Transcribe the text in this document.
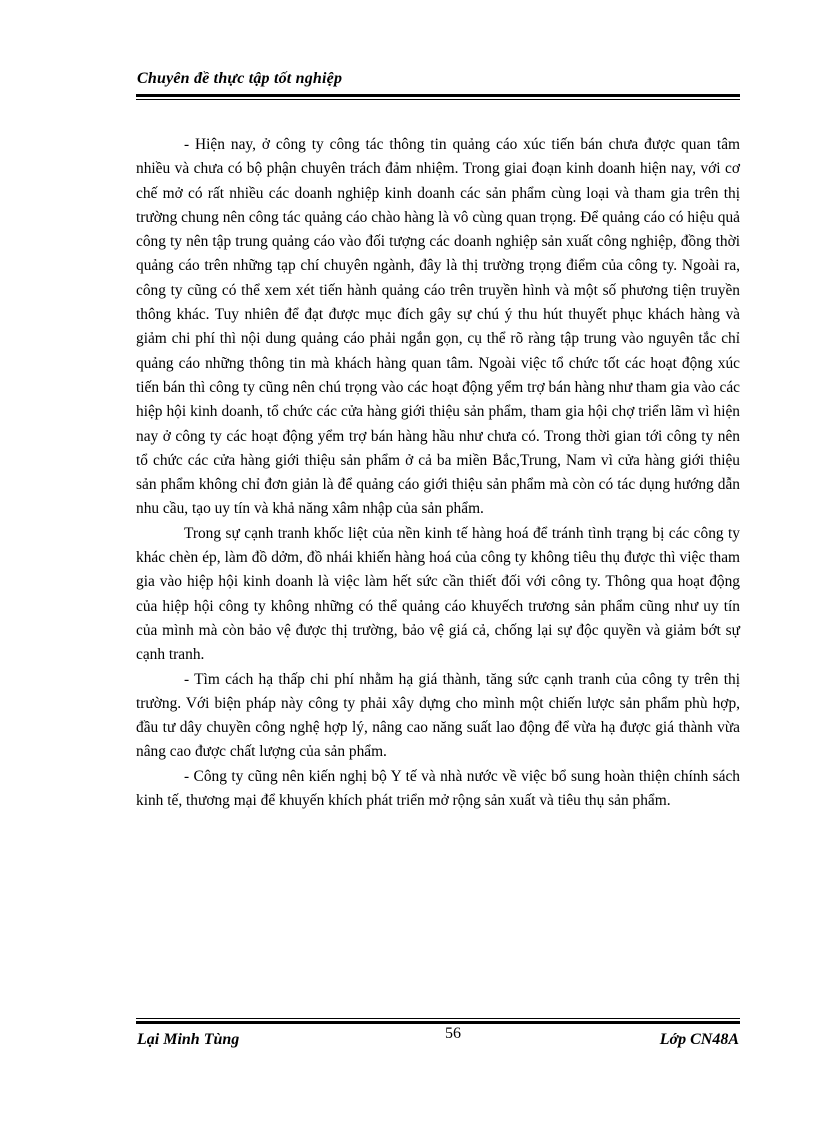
Chuyên đề thực tập tốt nghiệp

- Hiện nay, ở công ty công tác thông tin quảng cáo xúc tiến bán chưa được quan tâm nhiều và chưa có bộ phận chuyên trách đảm nhiệm. Trong giai đoạn kinh doanh hiện nay, với cơ chế mở có rất nhiều các doanh nghiệp kinh doanh các sản phẩm cùng loại và tham gia trên thị trường chung nên công tác quảng cáo chào hàng là vô cùng quan trọng. Để quảng cáo có hiệu quả công ty nên tập trung quảng cáo vào đối tượng các doanh nghiệp sản xuất công nghiệp, đồng thời quảng cáo trên những tạp chí chuyên ngành, đây là thị trường trọng điểm của công ty. Ngoài ra, công ty cũng có thể xem xét tiến hành quảng cáo trên truyền hình và một số phương tiện truyền thông khác. Tuy nhiên để đạt được mục đích gây sự chú ý thu hút thuyết phục khách hàng và giảm chi phí thì nội dung quảng cáo phải ngắn gọn, cụ thể rõ ràng tập trung vào nguyên tắc chỉ quảng cáo những thông tin mà khách hàng quan tâm. Ngoài việc tổ chức tốt các hoạt động xúc tiến bán thì công ty cũng nên chú trọng vào các hoạt động yểm trợ bán hàng như tham gia vào các hiệp hội kinh doanh, tổ chức các cửa hàng giới thiệu sản phẩm, tham gia hội chợ triển lãm vì hiện nay ở công ty các hoạt động yểm trợ bán hàng hầu như chưa có. Trong thời gian tới công ty nên tổ chức các cửa hàng giới thiệu sản phẩm ở cả ba miền Bắc,Trung, Nam vì cửa hàng giới thiệu sản phẩm không chỉ đơn giản là để quảng cáo giới thiệu sản phẩm mà còn có tác dụng hướng dẫn nhu cầu, tạo uy tín và khả năng xâm nhập của sản phẩm.

Trong sự cạnh tranh khốc liệt của nền kinh tế hàng hoá để tránh tình trạng bị các công ty khác chèn ép, làm đồ dởm, đồ nhái khiến hàng hoá của công ty không tiêu thụ được thì việc tham gia vào hiệp hội kinh doanh là việc làm hết sức cần thiết đối với công ty. Thông qua hoạt động của hiệp hội công ty không những có thể quảng cáo khuyếch trương sản phẩm cũng như uy tín của mình mà còn bảo vệ được thị trường, bảo vệ giá cả, chống lại sự độc quyền và giảm bớt sự cạnh tranh.

- Tìm cách hạ thấp chi phí nhằm hạ giá thành, tăng sức cạnh tranh của công ty trên thị trường. Với biện pháp này công ty phải xây dựng cho mình một chiến lược sản phẩm phù hợp, đầu tư dây chuyền công nghệ hợp lý, nâng cao năng suất lao động để vừa hạ được giá thành vừa nâng cao được chất lượng của sản phẩm.

- Công ty cũng nên kiến nghị bộ Y tế và nhà nước về việc bổ sung hoàn thiện chính sách kinh tế, thương mại để khuyến khích phát triển mở rộng sản xuất và tiêu thụ sản phẩm.

Lại Minh Tùng	56	Lớp CN48A
